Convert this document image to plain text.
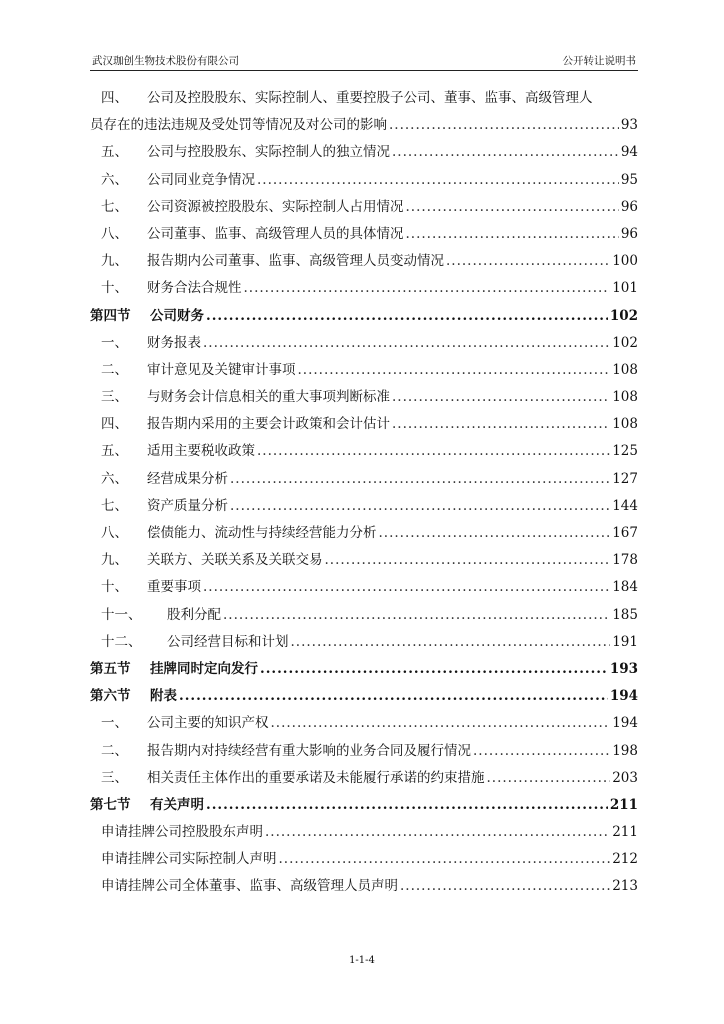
武汉珈创生物技术股份有限公司	公开转让说明书
四、	公司及控股股东、实际控制人、重要控股子公司、董事、监事、高级管理人
员存在的违法违规及受处罚等情况及对公司的影响 .....	93
五、	公司与控股股东、实际控制人的独立情况 .....	94
六、	公司同业竞争情况 .....	95
七、	公司资源被控股股东、实际控制人占用情况 .....	96
八、	公司董事、监事、高级管理人员的具体情况 .....	96
九、	报告期内公司董事、监事、高级管理人员变动情况 .....	100
十、	财务合法合规性 .....	101
第四节	公司财务 .....	102
一、	财务报表 .....	102
二、	审计意见及关键审计事项 .....	108
三、	与财务会计信息相关的重大事项判断标准 .....	108
四、	报告期内采用的主要会计政策和会计估计 .....	108
五、	适用主要税收政策 .....	125
六、	经营成果分析 .....	127
七、	资产质量分析 .....	144
八、	偿债能力、流动性与持续经营能力分析 .....	167
九、	关联方、关联关系及关联交易 .....	178
十、	重要事项 .....	184
十一、	股利分配 .....	185
十二、	公司经营目标和计划 .....	191
第五节	挂牌同时定向发行 .....	193
第六节	附表 .....	194
一、	公司主要的知识产权 .....	194
二、	报告期内对持续经营有重大影响的业务合同及履行情况 .....	198
三、	相关责任主体作出的重要承诺及未能履行承诺的约束措施 .....	203
第七节	有关声明 .....	211
申请挂牌公司控股股东声明 .....	211
申请挂牌公司实际控制人声明 .....	212
申请挂牌公司全体董事、监事、高级管理人员声明 .....	213
1-1-4
